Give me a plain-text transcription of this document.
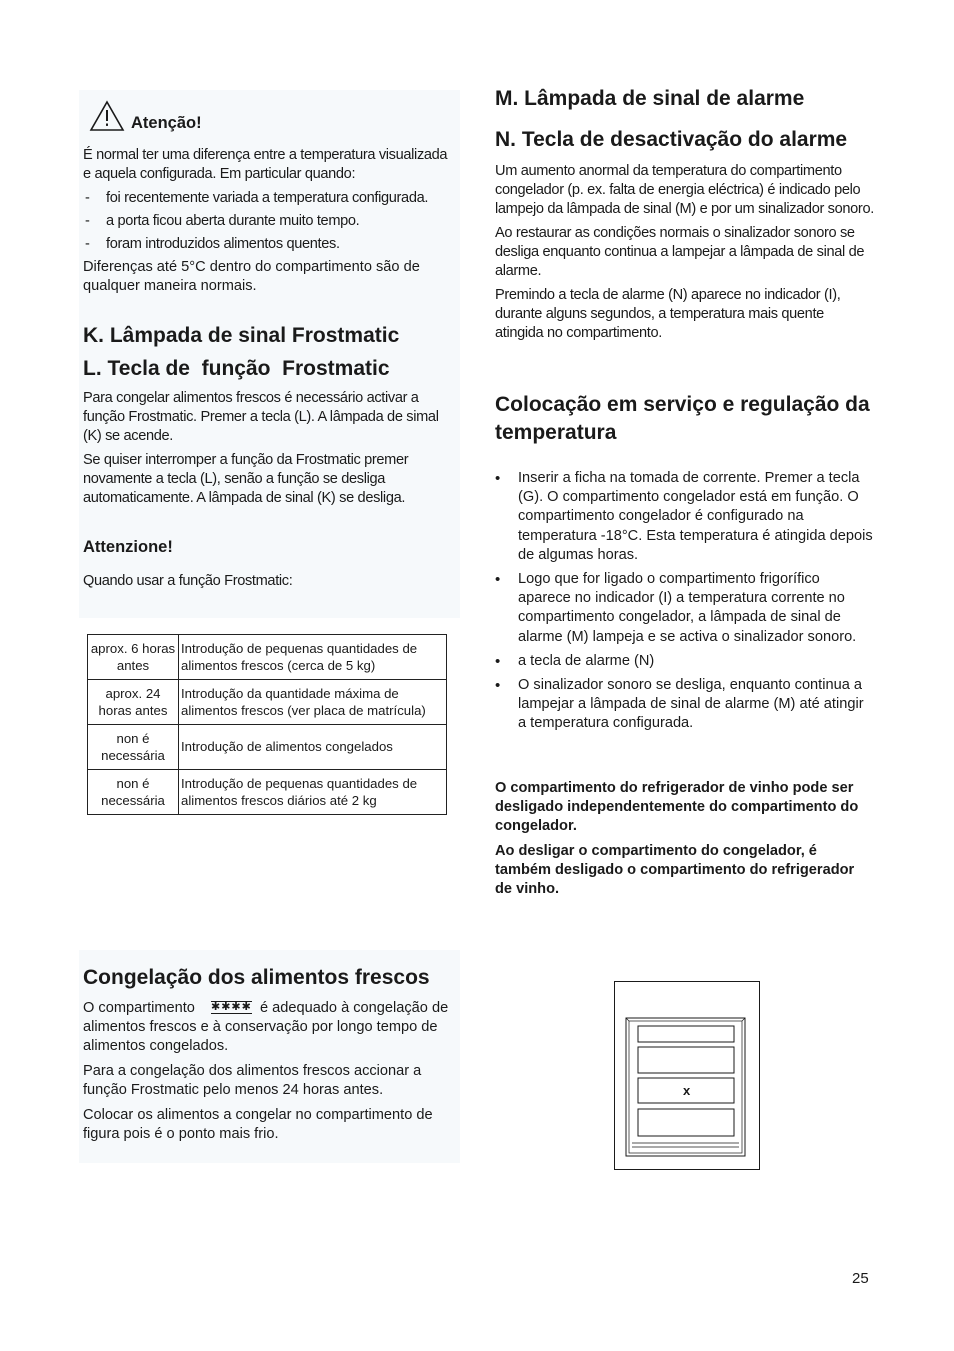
Atenção!

É normal ter uma diferença entre a temperatura visualizada e aquela configurada. Em particular quando:

- foi recentemente variada a temperatura configurada.
- a porta ficou aberta durante muito tempo.
- foram introduzidos alimentos quentes.

Diferenças até 5°C dentro do compartimento são de qualquer maneira normais.

K. Lâmpada de sinal Frostmatic
L. Tecla de  função  Frostmatic

Para congelar alimentos frescos é necessário activar a função Frostmatic. Premer a tecla (L). A lâmpada de simal (K) se acende.

Se quiser interromper a função da Frostmatic premer novamente a tecla (L), senão a função se desliga automaticamente. A lâmpada de sinal (K) se desliga.

Attenzione!

Quando usar a função Frostmatic:

aprox. 6 horas antes	Introdução de pequenas quantidades de alimentos frescos (cerca de 5 kg)
aprox. 24 horas antes	Introdução da quantidade máxima de alimentos frescos (ver placa de matrícula)
non é necessária	Introdução de alimentos congelados
non é necessária	Introdução de pequenas quantidades de alimentos frescos diários até 2 kg
Congelação dos alimentos frescos

O compartimento ✱✱✱✱ é adequado à congelação de alimentos frescos e à conservação por longo tempo de alimentos congelados.

Para a congelação dos alimentos frescos accionar a função Frostmatic pelo menos 24 horas antes.

Colocar os alimentos a congelar no compartimento de figura pois é o ponto mais frio.

M. Lâmpada de sinal de alarme
N. Tecla de desactivação do alarme

Um aumento anormal da temperatura do compartimento congelador (p. ex. falta de energia eléctrica) é indicado pelo lampejo da lâmpada de sinal (M) e por um sinalizador sonoro.

Ao restaurar as condições normais o sinalizador sonoro se desliga enquanto continua a lampejar a lâmpada de sinal de alarme.

Premindo a tecla de alarme (N) aparece no indicador (I), durante alguns segundos, a temperatura mais quente atingida no compartimento.

Colocação em serviço e regulação da temperatura
• Inserir a ficha na tomada de corrente. Premer a tecla (G). O compartimento congelador está em função. O compartimento congelador é configurado na temperatura -18°C. Esta temperatura é atingida depois de algumas horas.
• Logo que for ligado o compartimento frigorífico aparece no indicador (I) a temperatura corrente no compartimento congelador, a lâmpada de sinal de alarme (M) lampeja e se activa o sinalizador sonoro.
• a tecla de alarme (N)
• O sinalizador sonoro se desliga, enquanto continua a lampejar a lâmpada de sinal de alarme (M) até atingir a temperatura configurada.

O compartimento do refrigerador de vinho pode ser desligado independentemente do compartimento do congelador.

Ao desligar o compartimento do congelador, é também desligado o compartimento do refrigerador de vinho.

x
25
